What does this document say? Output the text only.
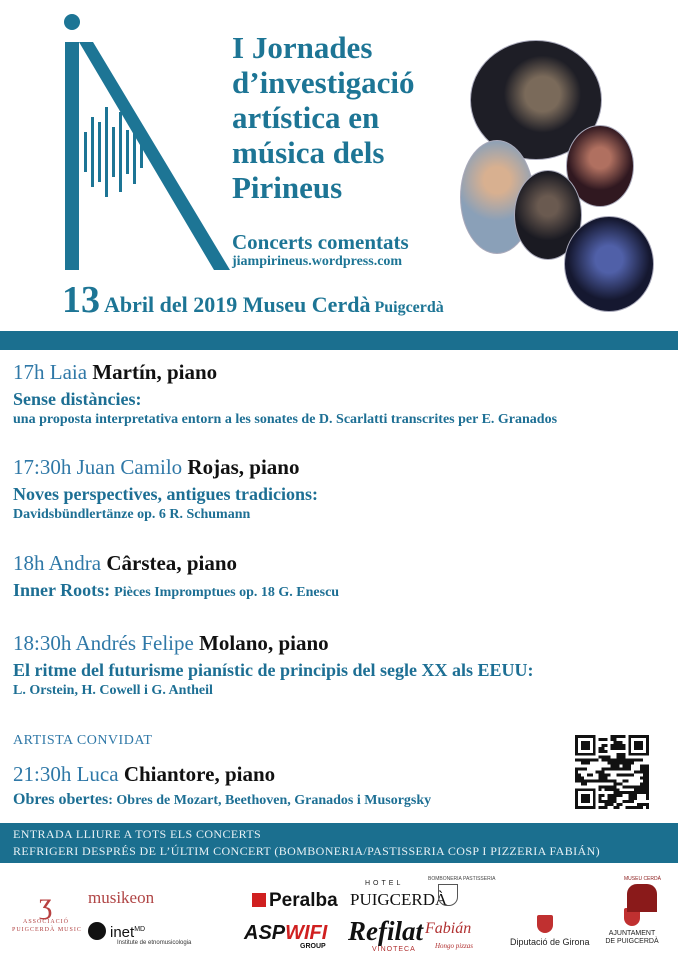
I Jornades
d’investigació
artística en
música dels
Pirineus
Concerts comentats
jiampirineus.wordpress.com
13 Abril del 2019 Museu Cerdà Puigcerdà
17h Laia Martín, piano
Sense distàncies:
una proposta interpretativa entorn a les sonates de D. Scarlatti transcrites per E. Granados
17:30h Juan Camilo Rojas, piano
Noves perspectives, antigues tradicions:
Davidsbündlertänze op. 6 R. Schumann
18h Andra Cârstea, piano
Inner Roots: Pièces Impromptues op. 18 G. Enescu
18:30h Andrés Felipe Molano, piano
El ritme del futurisme pianístic de principis del segle XX als EEUU:
L. Orstein, H. Cowell i G. Antheil
ARTISTA CONVIDAT
21:30h Luca Chiantore, piano
Obres obertes: Obres de Mozart, Beethoven, Granados i Musorgsky
ENTRADA LLIURE A TOTS ELS CONCERTS
REFRIGERI DESPRÉS DE L’ÚLTIM CONCERT (BOMBONERIA/PASTISSERIA COSP I PIZZERIA FABIÁN)
ʒ
ASSOCIACIÓ
PUIGCERDÀ MUSIC
musikeon
inet$^{MD}$
Institute de etnomusicologia
Peralba
HOTEL
PUIGCERDÀ
ASPWIFI
GROUP
Refilat
VINOTECA
BOMBONERIA PASTISSERIA
Fabián
Hongo pizzas	Diputació de Girona
AJUNTAMENT
DE PUIGCERDÀ
MUSEU CERDÀ
